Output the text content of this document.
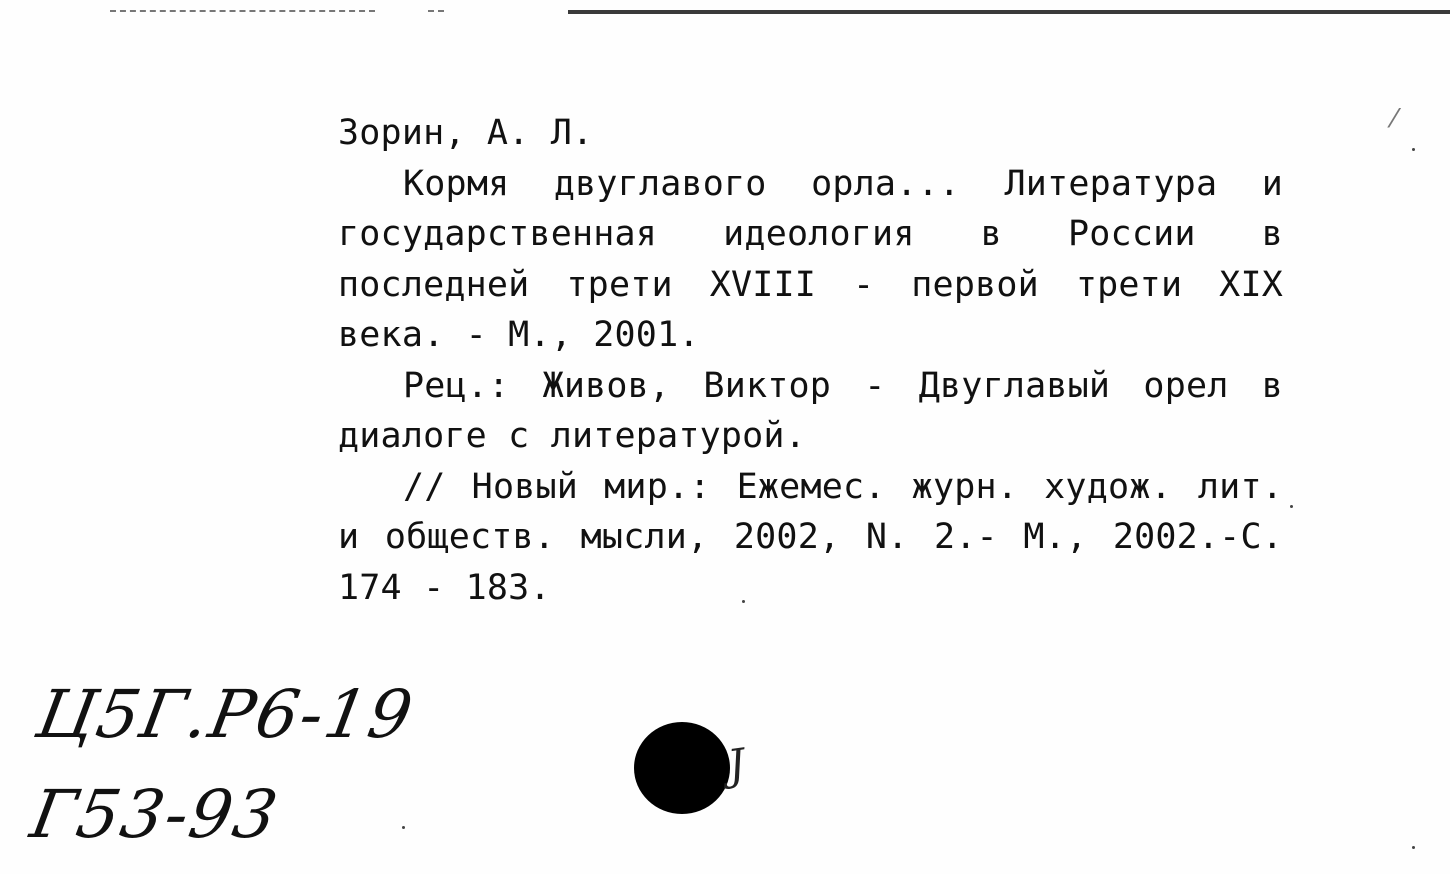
⁄

Зорин, А. Л.

Кормя двуглавого орла... Литература и государственная идеология в России в последней трети XVIII - первой трети XIX века. - М., 2001.

Рец.: Живов, Виктор - Двуглавый орел в диалоге с литературой.

// Новый мир.: Ежемес. журн. худож. лит. и обществ. мысли, 2002, N. 2.- М., 2002.-С. 174 - 183.

Ц5Г.Р6-19
Г53-93
J
